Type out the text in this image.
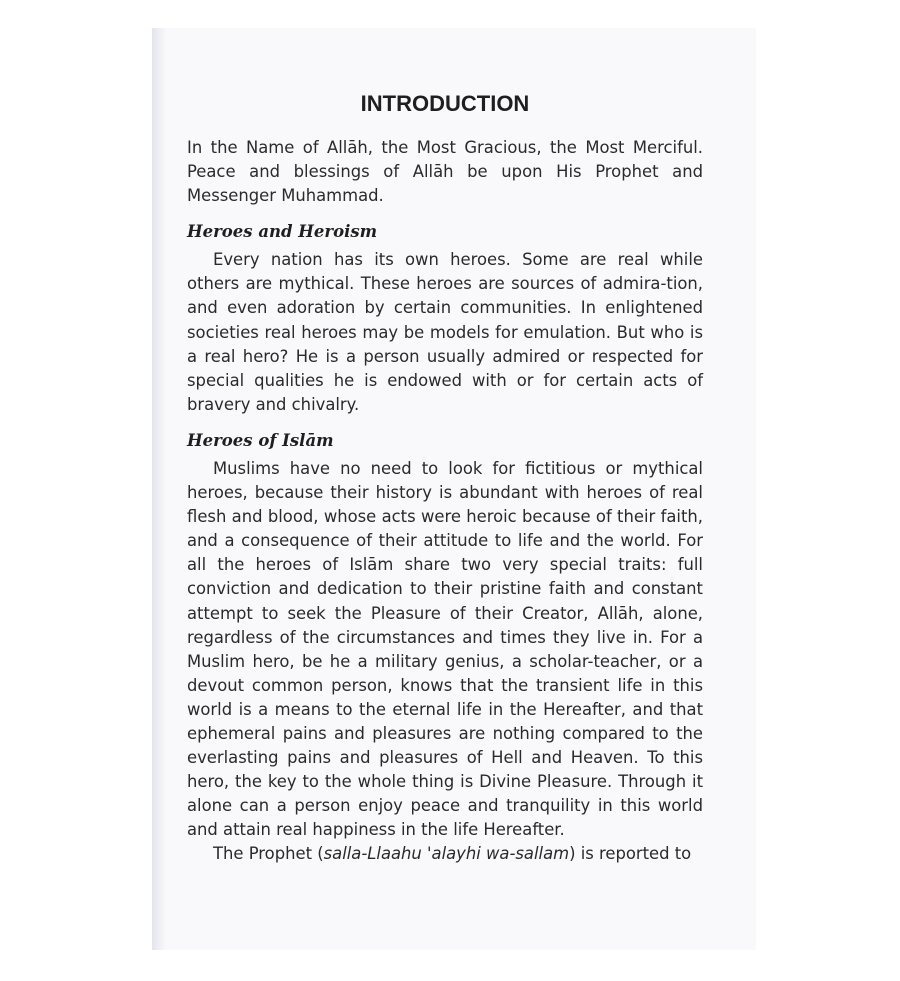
INTRODUCTION

In the Name of Allāh, the Most Gracious, the Most Merciful. Peace and blessings of Allāh be upon His Prophet and Messenger Muhammad.

Heroes and Heroism

Every nation has its own heroes. Some are real while others are mythical. These heroes are sources of admira-tion, and even adoration by certain communities. In enlightened societies real heroes may be models for emulation. But who is a real hero? He is a person usually admired or respected for special qualities he is endowed with or for certain acts of bravery and chivalry.

Heroes of Islām

Muslims have no need to look for fictitious or mythical heroes, because their history is abundant with heroes of real flesh and blood, whose acts were heroic because of their faith, and a consequence of their attitude to life and the world. For all the heroes of Islām share two very special traits: full conviction and dedication to their pristine faith and constant attempt to seek the Pleasure of their Creator, Allāh, alone, regardless of the circumstances and times they live in. For a Muslim hero, be he a military genius, a scholar-teacher, or a devout common person, knows that the transient life in this world is a means to the eternal life in the Hereafter, and that ephemeral pains and pleasures are nothing compared to the everlasting pains and pleasures of Hell and Heaven. To this hero, the key to the whole thing is Divine Pleasure. Through it alone can a person enjoy peace and tranquility in this world and attain real happiness in the life Hereafter.

The Prophet (salla-Llaahu 'alayhi wa-sallam) is reported to
